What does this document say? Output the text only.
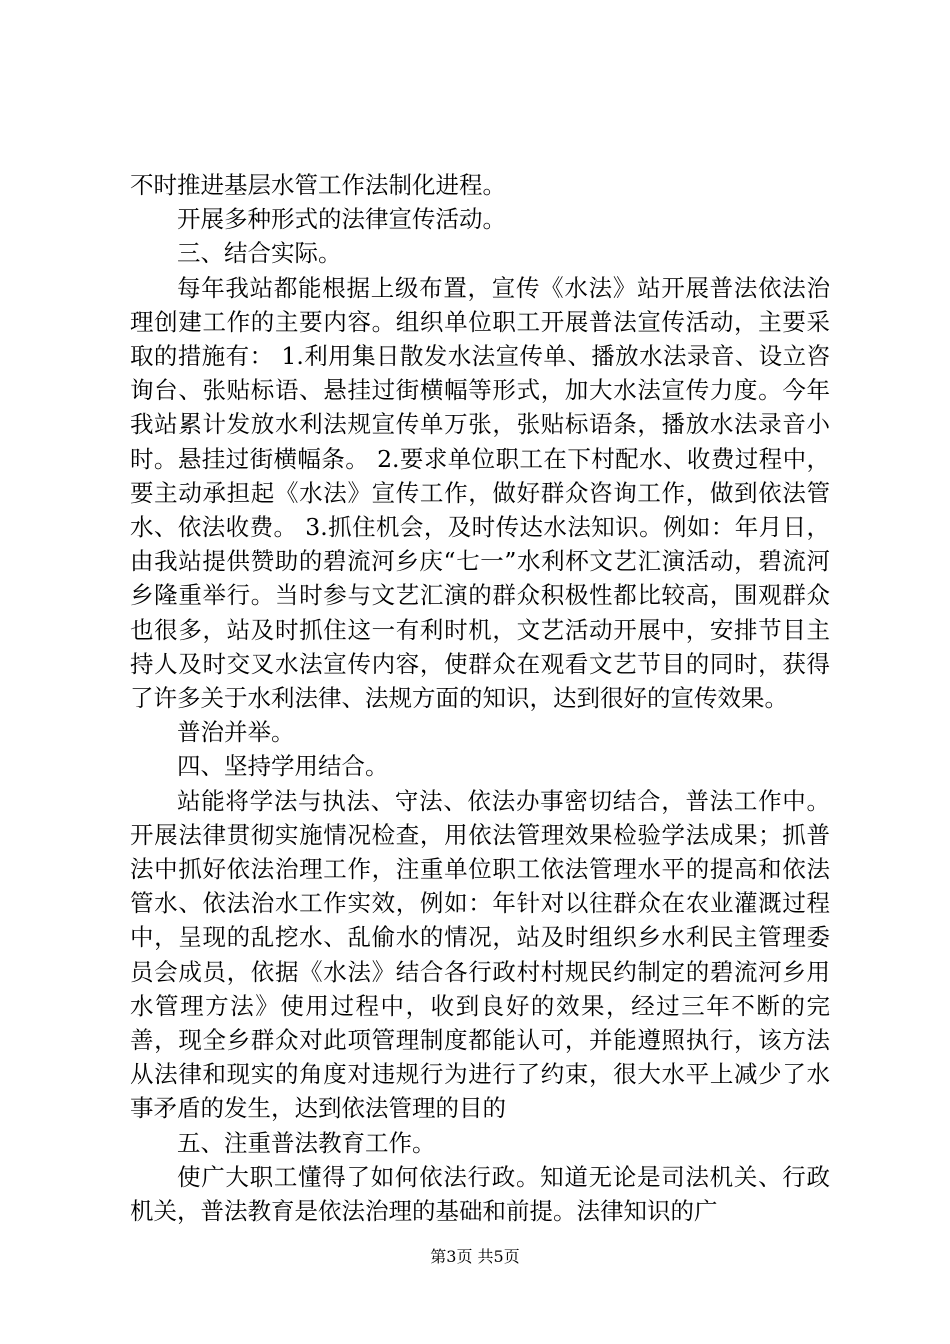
不时推进基层水管工作法制化进程。

开展多种形式的法律宣传活动。

三、结合实际。

每年我站都能根据上级布置，宣传《水法》站开展普法依法治理创建工作的主要内容。组织单位职工开展普法宣传活动，主要采取的措施有： 1.利用集日散发水法宣传单、播放水法录音、设立咨询台、张贴标语、悬挂过街横幅等形式，加大水法宣传力度。今年我站累计发放水利法规宣传单万张，张贴标语条，播放水法录音小时。悬挂过街横幅条。 2.要求单位职工在下村配水、收费过程中，要主动承担起《水法》宣传工作，做好群众咨询工作，做到依法管水、依法收费。 3.抓住机会，及时传达水法知识。例如：年月日，由我站提供赞助的碧流河乡庆“七一”水利杯文艺汇演活动，碧流河乡隆重举行。当时参与文艺汇演的群众积极性都比较高，围观群众也很多，站及时抓住这一有利时机，文艺活动开展中，安排节目主持人及时交叉水法宣传内容，使群众在观看文艺节目的同时，获得了许多关于水利法律、法规方面的知识，达到很好的宣传效果。

普治并举。

四、坚持学用结合。

站能将学法与执法、守法、依法办事密切结合，普法工作中。开展法律贯彻实施情况检查，用依法管理效果检验学法成果；抓普法中抓好依法治理工作，注重单位职工依法管理水平的提高和依法管水、依法治水工作实效，例如：年针对以往群众在农业灌溉过程中，呈现的乱挖水、乱偷水的情况，站及时组织乡水利民主管理委员会成员，依据《水法》结合各行政村村规民约制定的碧流河乡用水管理方法》使用过程中，收到良好的效果，经过三年不断的完善，现全乡群众对此项管理制度都能认可，并能遵照执行，该方法从法律和现实的角度对违规行为进行了约束，很大水平上减少了水事矛盾的发生，达到依法管理的目的

五、注重普法教育工作。

使广大职工懂得了如何依法行政。知道无论是司法机关、行政机关，普法教育是依法治理的基础和前提。法律知识的广

第3页 共5页
